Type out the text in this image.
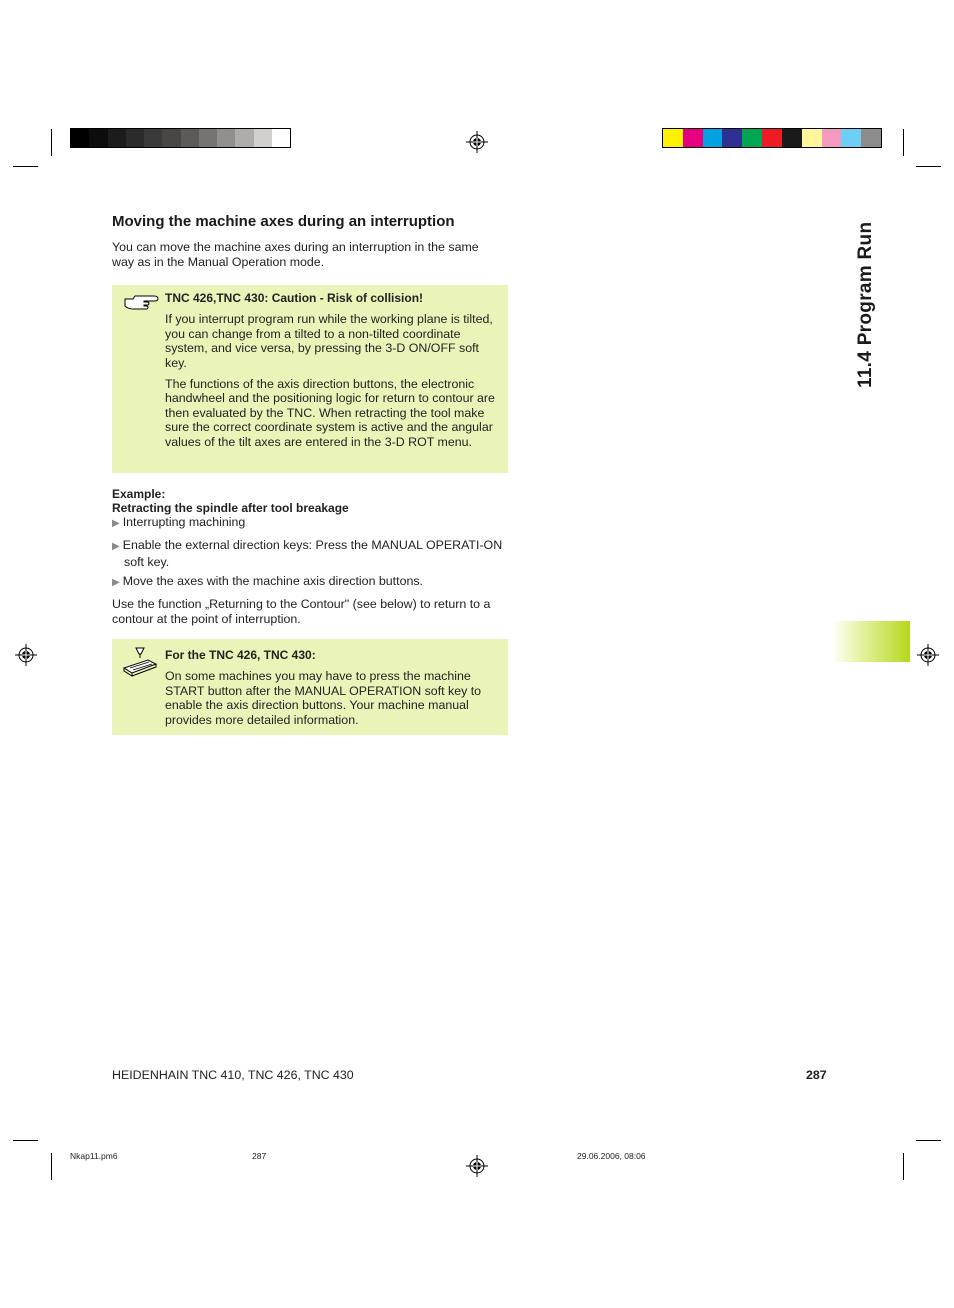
Moving the machine axes during an interruption
You can move the machine axes during an interruption in the same way as in the Manual Operation mode.
TNC 426,TNC 430: Caution - Risk of collision!
If you interrupt program run while the working plane is tilted, you can change from a tilted to a non-tilted coordinate system, and vice versa, by pressing the 3-D ON/OFF soft key.
The functions of the axis direction buttons, the electronic handwheel and the positioning logic for return to contour are then evaluated by the TNC. When retracting the tool make sure the correct coordinate system is active and the angular values of the tilt axes are entered in the 3-D ROT menu.
Example:
Retracting the spindle after tool breakage
▶ Interrupting machining
▶ Enable the external direction keys: Press the MANUAL OPERATI-ON soft key.
▶ Move the axes with the machine axis direction buttons.
Use the function „Returning to the Contour" (see below) to return to a contour at the point of interruption.
For the TNC 426, TNC 430:
On some machines you may have to press the machine START button after the MANUAL OPERATION soft key to enable the axis direction buttons. Your machine manual provides more detailed information.
11.4 Program Run
HEIDENHAIN TNC 410, TNC 426, TNC 430	287
Nkap11.pm6	287	29.06.2006, 08:06
